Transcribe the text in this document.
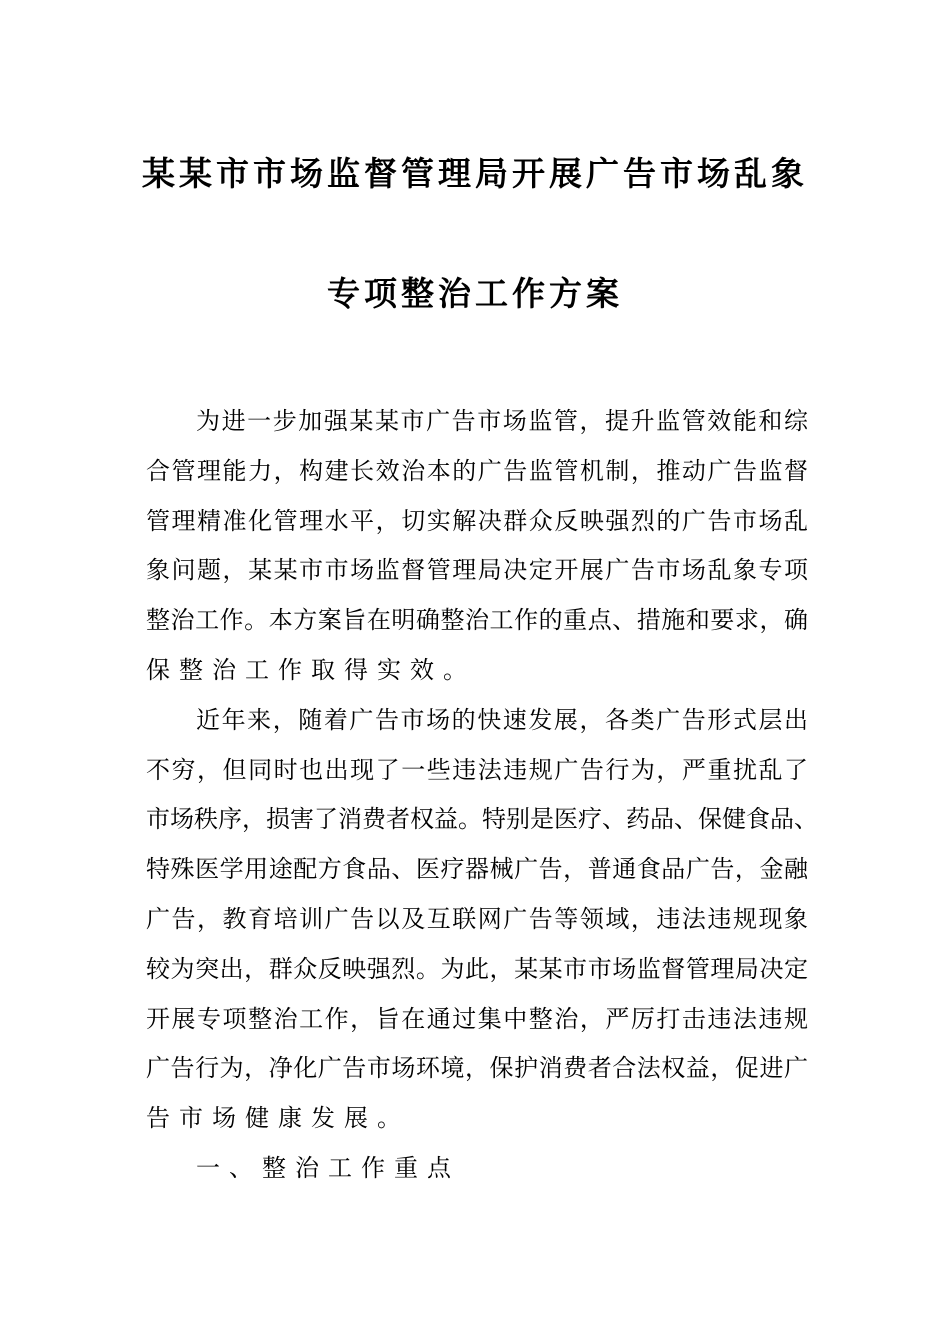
某某市市场监督管理局开展广告市场乱象
专项整治工作方案
为进一步加强某某市广告市场监管，提升监管效能和综
合管理能力，构建长效治本的广告监管机制，推动广告监督
管理精准化管理水平，切实解决群众反映强烈的广告市场乱
象问题，某某市市场监督管理局决定开展广告市场乱象专项
整治工作。本方案旨在明确整治工作的重点、措施和要求，确
保整治工作取得实效。
近年来，随着广告市场的快速发展，各类广告形式层出
不穷，但同时也出现了一些违法违规广告行为，严重扰乱了
市场秩序，损害了消费者权益。特别是医疗、药品、保健食品、
特殊医学用途配方食品、医疗器械广告，普通食品广告，金融
广告，教育培训广告以及互联网广告等领域，违法违规现象
较为突出，群众反映强烈。为此，某某市市场监督管理局决定
开展专项整治工作，旨在通过集中整治，严厉打击违法违规
广告行为，净化广告市场环境，保护消费者合法权益，促进广
告市场健康发展。
一、整治工作重点
